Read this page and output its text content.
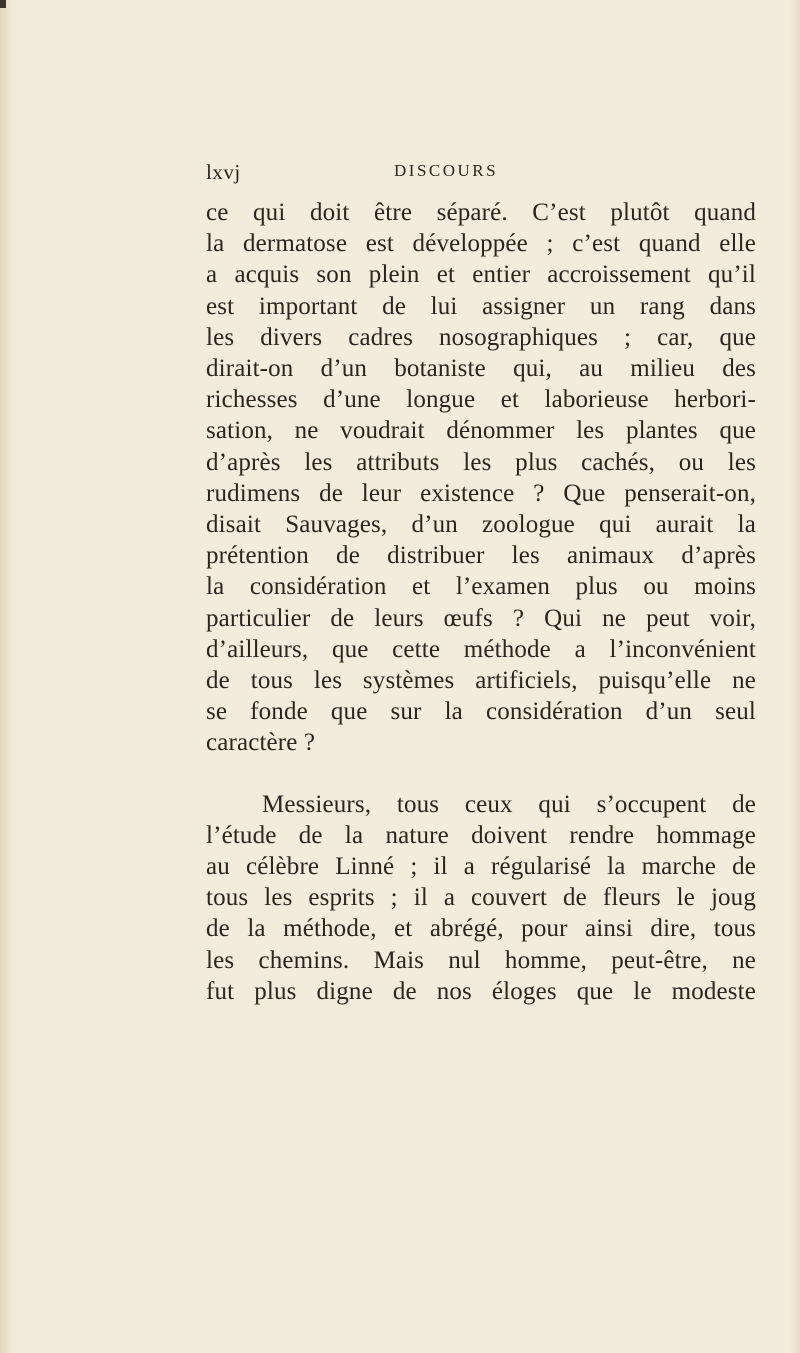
lxvj	DISCOURS
ce qui doit être séparé. C’est plutôt quand
la dermatose est développée ; c’est quand elle
a acquis son plein et entier accroissement qu’il
est important de lui assigner un rang dans
les divers cadres nosographiques ; car, que
dirait-on d’un botaniste qui, au milieu des
richesses d’une longue et laborieuse herbori-
sation, ne voudrait dénommer les plantes que
d’après les attributs les plus cachés, ou les
rudimens de leur existence ? Que penserait-on,
disait Sauvages, d’un zoologue qui aurait la
prétention de distribuer les animaux d’après
la considération et l’examen plus ou moins
particulier de leurs œufs ? Qui ne peut voir,
d’ailleurs, que cette méthode a l’inconvénient
de tous les systèmes artificiels, puisqu’elle ne
se fonde que sur la considération d’un seul
caractère ?
Messieurs, tous ceux qui s’occupent de
l’étude de la nature doivent rendre hommage
au célèbre Linné ; il a régularisé la marche de
tous les esprits ; il a couvert de fleurs le joug
de la méthode, et abrégé, pour ainsi dire, tous
les chemins. Mais nul homme, peut-être, ne
fut plus digne de nos éloges que le modeste
